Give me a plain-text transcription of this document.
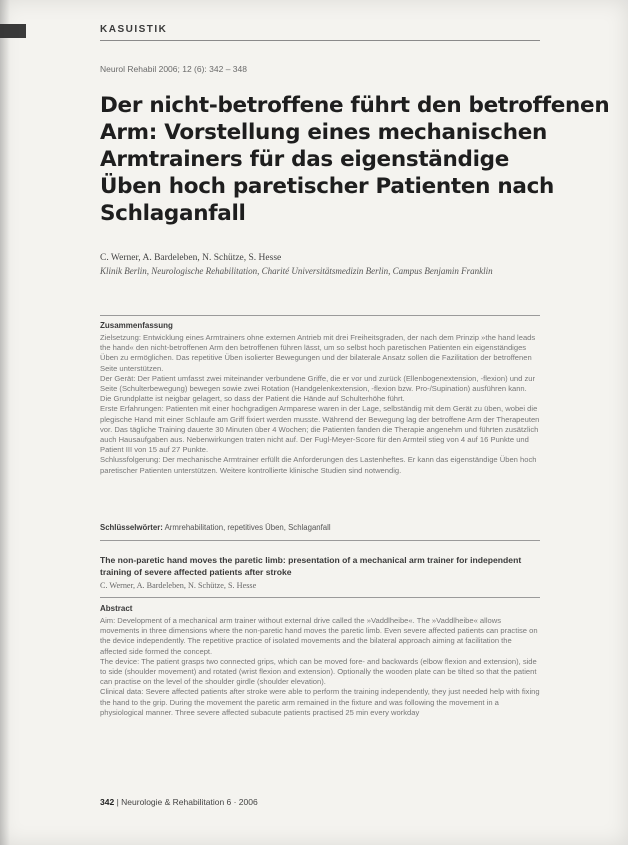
KASUISTIK
Neurol Rehabil 2006; 12 (6): 342 – 348
Der nicht-betroffene führt den betroffenen
Arm: Vorstellung eines mechanischen
Armtrainers für das eigenständige
Üben hoch paretischer Patienten nach
Schlaganfall
C. Werner, A. Bardeleben, N. Schütze, S. Hesse
Klinik Berlin, Neurologische Rehabilitation, Charité Universitätsmedizin Berlin, Campus Benjamin Franklin
Zusammenfassung

Zielsetzung: Entwicklung eines Armtrainers ohne externen Antrieb mit drei Freiheitsgraden, der nach dem Prinzip »the hand leads the hand« den nicht-betroffenen Arm den betroffenen führen lässt, um so selbst hoch paretischen Patienten ein eigenständiges Üben zu ermöglichen. Das repetitive Üben isolierter Bewegungen und der bilaterale Ansatz sollen die Fazilitation der betroffenen Seite unterstützen.

Der Gerät: Der Patient umfasst zwei miteinander verbundene Griffe, die er vor und zurück (Ellenbogenextension, -flexion) und zur Seite (Schulterbewegung) bewegen sowie zwei Rotation (Handgelenkextension, -flexion bzw. Pro-/Supination) ausführen kann. Die Grundplatte ist neigbar gelagert, so dass der Patient die Hände auf Schulterhöhe führt.

Erste Erfahrungen: Patienten mit einer hochgradigen Armparese waren in der Lage, selbständig mit dem Gerät zu üben, wobei die plegische Hand mit einer Schlaufe am Griff fixiert werden musste. Während der Bewegung lag der betroffene Arm der Therapeuten vor. Das tägliche Training dauerte 30 Minuten über 4 Wochen; die Patienten fanden die Therapie angenehm und führten zusätzlich auch Hausaufgaben aus. Nebenwirkungen traten nicht auf. Der Fugl-Meyer-Score für den Armteil stieg von 4 auf 16 Punkte und Patient III von 15 auf 27 Punkte.

Schlussfolgerung: Der mechanische Armtrainer erfüllt die Anforderungen des Lastenheftes. Er kann das eigenständige Üben hoch paretischer Patienten unterstützen. Weitere kontrollierte klinische Studien sind notwendig.

Schlüsselwörter: Armrehabilitation, repetitives Üben, Schlaganfall
The non-paretic hand moves the paretic limb: presentation of a mechanical arm trainer for independent
training of severe affected patients after stroke
C. Werner, A. Bardeleben, N. Schütze, S. Hesse
Abstract

Aim: Development of a mechanical arm trainer without external drive called the »Vaddlheibe«. The »Vaddlheibe« allows movements in three dimensions where the non-paretic hand moves the paretic limb. Even severe affected patients can practise on the device independently. The repetitive practice of isolated movements and the bilateral approach aiming at facilitation the affected side formed the concept.

The device: The patient grasps two connected grips, which can be moved fore- and backwards (elbow flexion and extension), side to side (shoulder movement) and rotated (wrist flexion and extension). Optionally the wooden plate can be tilted so that the patient can practise on the level of the shoulder girdle (shoulder elevation).

Clinical data: Severe affected patients after stroke were able to perform the training independently, they just needed help with fixing the hand to the grip. During the movement the paretic arm remained in the fixture and was following the movement in a physiological manner. Three severe affected subacute patients practised 25 min every workday

342 | Neurologie & Rehabilitation 6 · 2006
